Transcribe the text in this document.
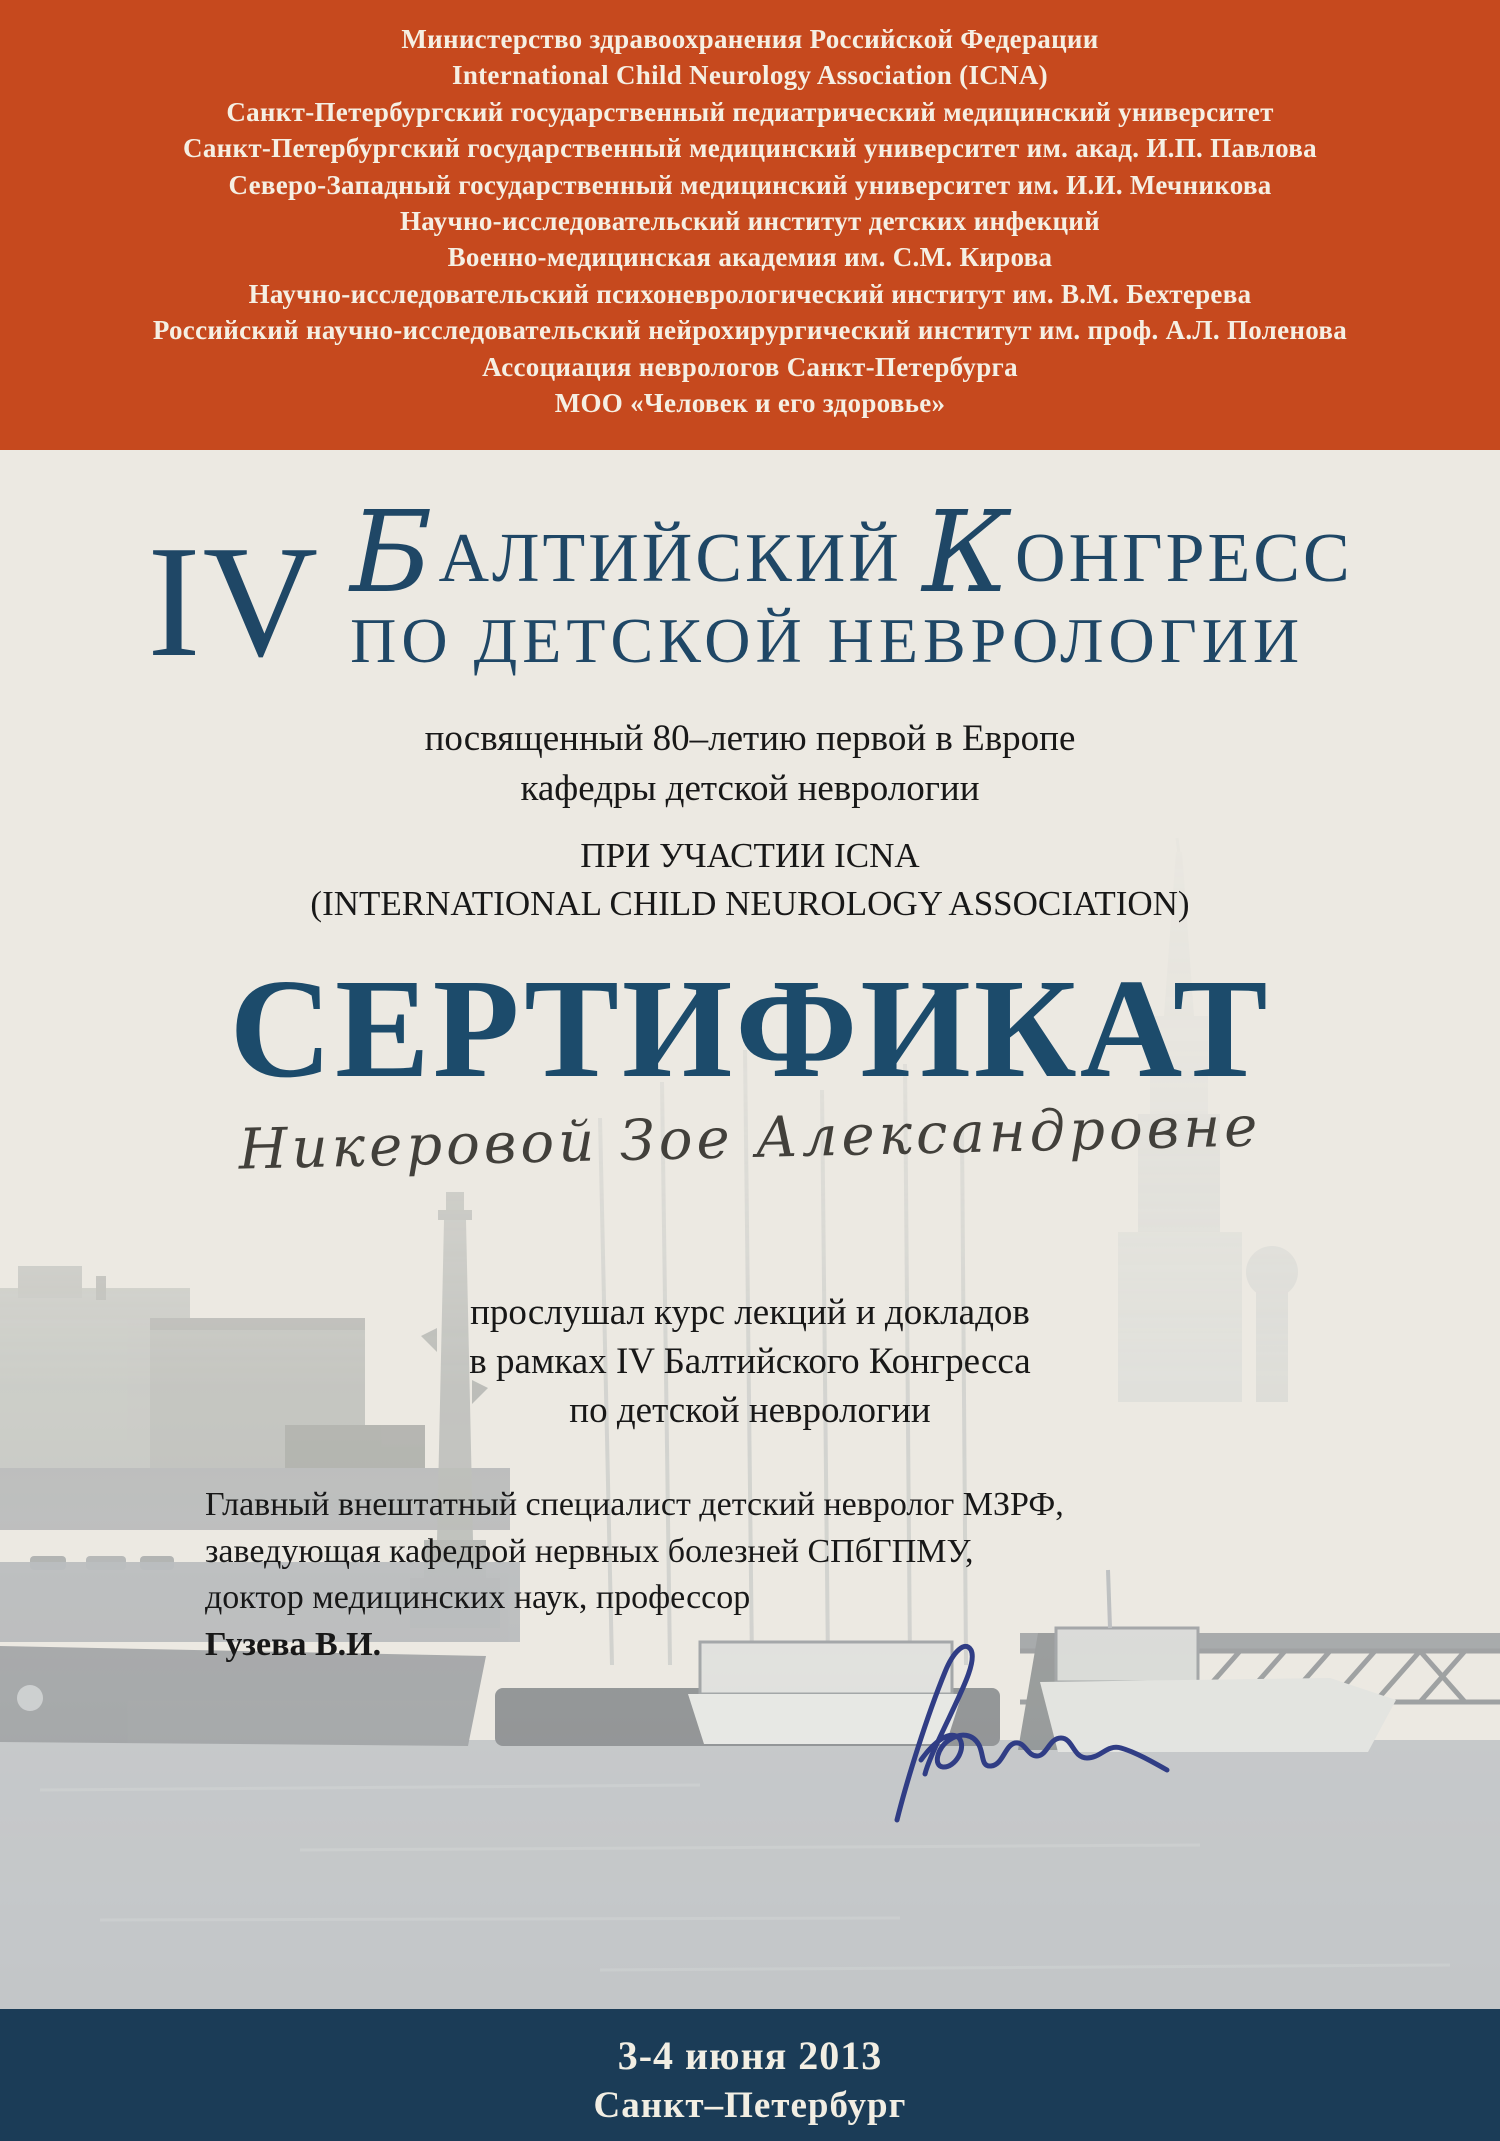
Министерство здравоохранения Российской Федерации
International Child Neurology Association (ICNA)
Санкт-Петербургский государственный педиатрический медицинский университет
Санкт-Петербургский государственный медицинский университет им. акад. И.П. Павлова
Северо-Западный государственный медицинский университет им. И.И. Мечникова
Научно-исследовательский институт детских инфекций
Военно-медицинская академия им. С.М. Кирова
Научно-исследовательский психоневрологический институт им. В.М. Бехтерева
Российский научно-исследовательский нейрохирургический институт им. проф. А.Л. Поленова
Ассоциация неврологов Санкт-Петербурга
МОО «Человек и его здоровье»
IV БАЛТИЙСКИЙ КОНГРЕСС
ПО ДЕТСКОЙ НЕВРОЛОГИИ
посвященный 80–летию первой в Европе
кафедры детской неврологии
ПРИ УЧАСТИИ ICNA
(INTERNATIONAL CHILD NEUROLOGY ASSOCIATION)
СЕРТИФИКАТ
Никеровой Зое Александровне
прослушал курс лекций и докладов
в рамках IV Балтийского Конгресса
по детской неврологии
Главный внештатный специалист детский невролог МЗРФ,
заведующая кафедрой нервных болезней СПбГПМУ,
доктор медицинских наук, профессор
Гузева В.И.
3-4 июня 2013
Санкт–Петербург
